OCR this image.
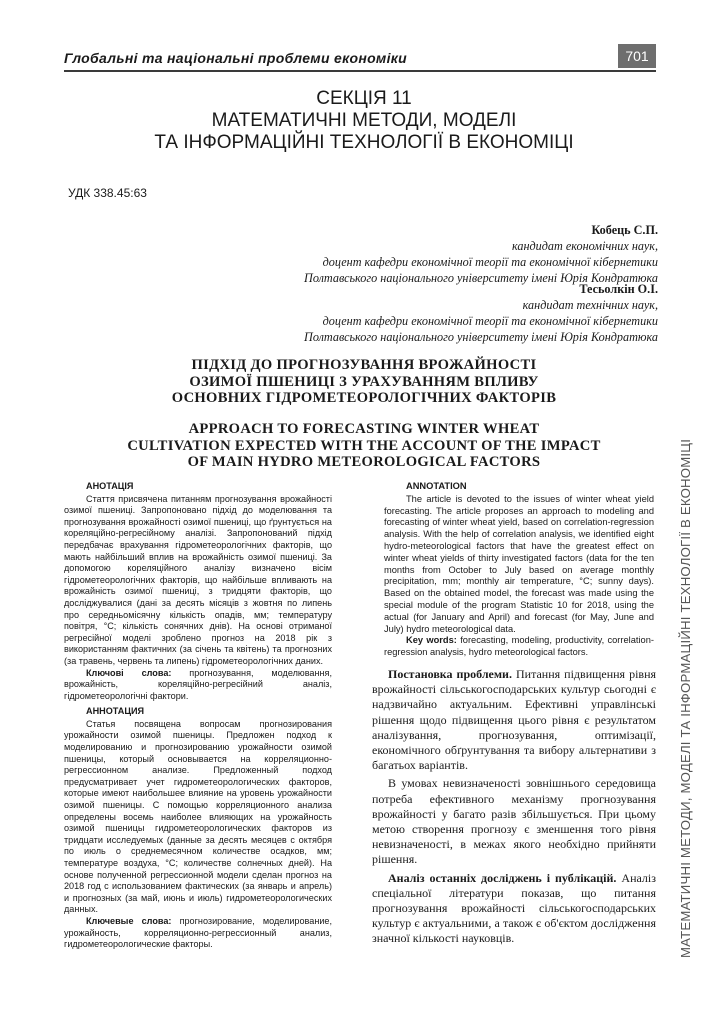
Глобальні та національні проблеми економіки	701
СЕКЦІЯ 11
МАТЕМАТИЧНІ МЕТОДИ, МОДЕЛІ
ТА ІНФОРМАЦІЙНІ ТЕХНОЛОГІЇ В ЕКОНОМІЦІ
УДК 338.45:63
Кобець С.П.
кандидат економічних наук,
доцент кафедри економічної теорії та економічної кібернетики
Полтавського національного університету імені Юрія Кондратюка
Тесьолкін О.І.
кандидат технічних наук,
доцент кафедри економічної теорії та економічної кібернетики
Полтавського національного університету імені Юрія Кондратюка
ПІДХІД ДО ПРОГНОЗУВАННЯ ВРОЖАЙНОСТІ
ОЗИМОЇ ПШЕНИЦІ З УРАХУВАННЯМ ВПЛИВУ
ОСНОВНИХ ГІДРОМЕТЕОРОЛОГІЧНИХ ФАКТОРІВ
APPROACH TO FORECASTING WINTER WHEAT
CULTIVATION EXPECTED WITH THE ACCOUNT OF THE IMPACT
OF MAIN HYDRO METEOROLOGICAL FACTORS
АНОТАЦІЯ

Стаття присвячена питанням прогнозування врожайності озимої пшениці. Запропоновано підхід до моделювання та прогнозування врожайності озимої пшениці, що ґрунтується на кореляційно-регресійному аналізі. Запропонований підхід передбачає врахування гідрометеорологічних факторів, що мають найбільший вплив на врожайність озимої пшениці. За допомогою кореляційного аналізу визначено вісім гідрометеорологічних факторів, що найбільше впливають на врожайність озимої пшениці, з тридцяти факторів, що досліджувалися (дані за десять місяців з жовтня по липень про середньомісячну кількість опадів, мм; температуру повітря, °С; кількість сонячних днів). На основі отриманої регресійної моделі зроблено прогноз на 2018 рік з використанням фактичних (за січень та квітень) та прогнозних (за травень, червень та липень) гідрометеорологічних даних.

Ключові слова: прогнозування, моделювання, врожайність, кореляційно-регресійний аналіз, гідрометеорологічні фактори.

АННОТАЦИЯ

Статья посвящена вопросам прогнозирования урожайности озимой пшеницы. Предложен подход к моделированию и прогнозированию урожайности озимой пшеницы, который основывается на корреляционно-регрессионном анализе. Предложенный подход предусматривает учет гидрометеорологических факторов, которые имеют наибольшее влияние на уровень урожайности озимой пшеницы. С помощью корреляционного анализа определены восемь наиболее влияющих на урожайность озимой пшеницы гидрометеорологических факторов из тридцати исследуемых (данные за десять месяцев с октября по июль о среднемесячном количестве осадков, мм; температуре воздуха, °С; количестве солнечных дней). На основе полученной регрессионной модели сделан прогноз на 2018 год с использованием фактических (за январь и апрель) и прогнозных (за май, июнь и июль) гидрометеорологических данных.

Ключевые слова: прогнозирование, моделирование, урожайность, корреляционно-регрессионный анализ, гидрометеорологические факторы.

ANNOTATION

The article is devoted to the issues of winter wheat yield forecasting. The article proposes an approach to modeling and forecasting of winter wheat yield, based on correlation-regression analysis. With the help of correlation analysis, we identified eight hydro-meteorological factors that have the greatest effect on winter wheat yields of thirty investigated factors (data for the ten months from October to July based on average monthly precipitation, mm; monthly air temperature, °C; sunny days). Based on the obtained model, the forecast was made using the special module of the program Statistic 10 for 2018, using the actual (for January and April) and forecast (for May, June and July) hydro meteorological data.

Key words: forecasting, modeling, productivity, correlation-regression analysis, hydro meteorological factors.

Постановка проблеми. Питання підвищення рівня врожайності сільськогосподарських культур сьогодні є надзвичайно актуальним. Ефективні управлінські рішення щодо підвищення цього рівня є результатом аналізування, прогнозування, оптимізації, економічного обґрунтування та вибору альтернативи з багатьох варіантів.

В умовах невизначеності зовнішнього середовища потреба ефективного механізму прогнозування врожайності у багато разів збільшується. При цьому метою створення прогнозу є зменшення того рівня невизначеності, в межах якого необхідно прийняти рішення.

Аналіз останніх досліджень і публікацій. Аналіз спеціальної літератури показав, що питання прогнозування врожайності сільськогосподарських культур є актуальними, а також є об'єктом дослідження значної кількості науковців.	МАТЕМАТИЧНІ МЕТОДИ, МОДЕЛІ ТА ІНФОРМАЦІЙНІ ТЕХНОЛОГІЇ В ЕКОНОМІЦІ
